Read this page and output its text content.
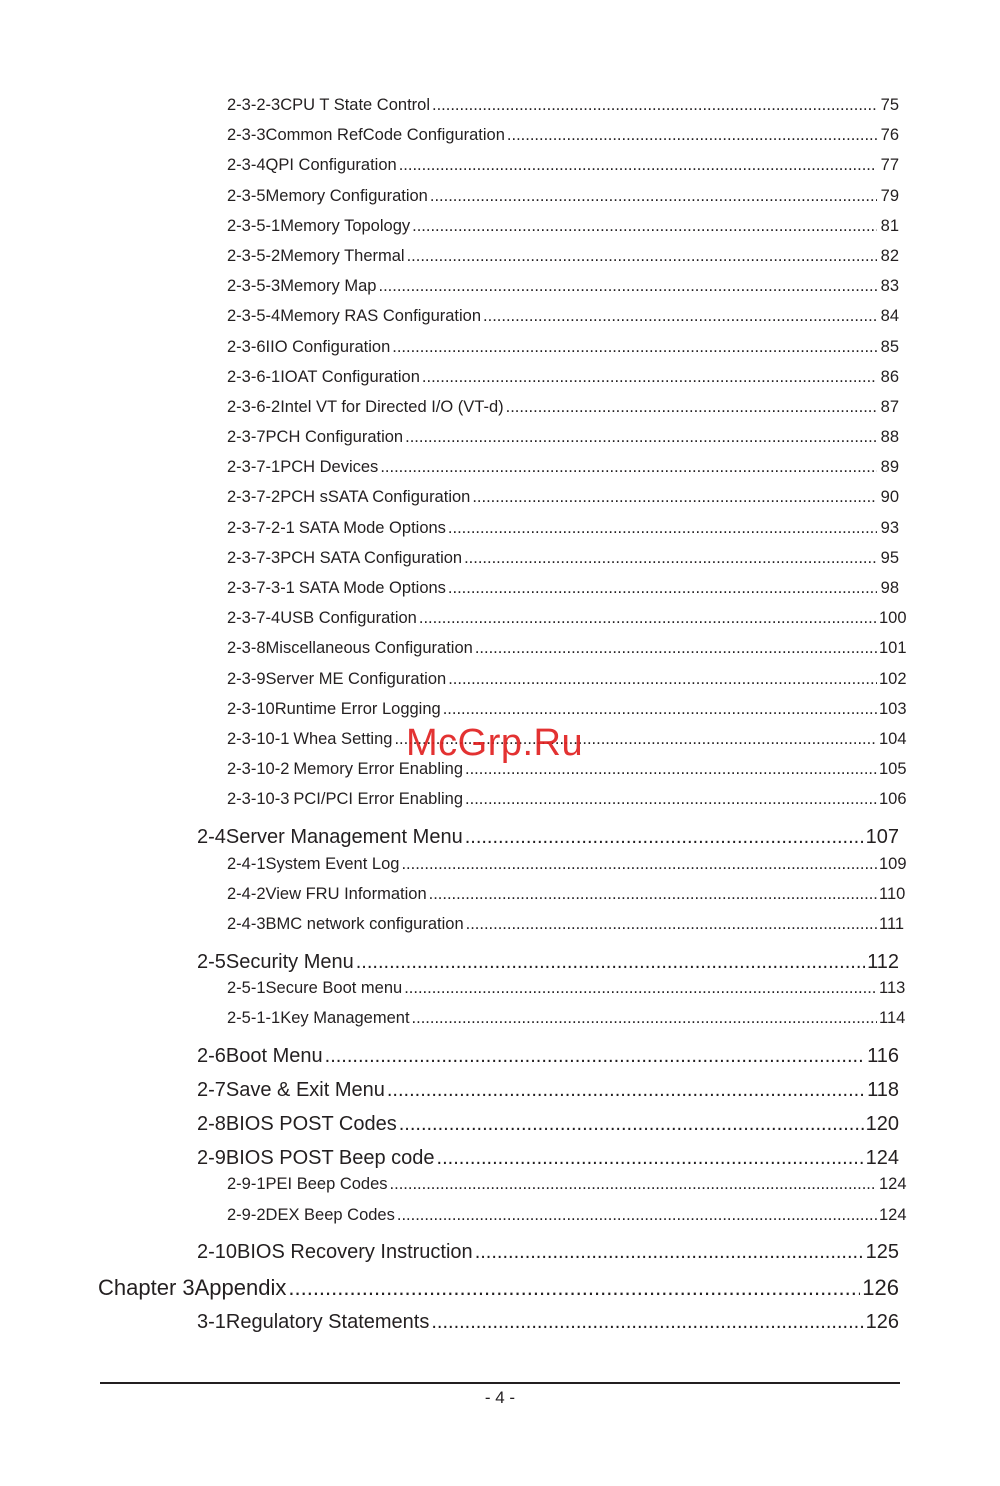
2-3-2-3 CPU T State Control .....	75
2-3-3 Common RefCode Configuration .....	76
2-3-4 QPI Configuration .....	77
2-3-5 Memory Configuration .....	79
2-3-5-1 Memory Topology .....	81
2-3-5-2 Memory Thermal .....	82
2-3-5-3 Memory Map .....	83
2-3-5-4 Memory RAS Configuration .....	84
2-3-6 IIO Configuration .....	85
2-3-6-1 IOAT Configuration .....	86
2-3-6-2 Intel VT for Directed I/O (VT-d) .....	87
2-3-7 PCH Configuration .....	88
2-3-7-1 PCH Devices .....	89
2-3-7-2 PCH sSATA Configuration .....	90
2-3-7-2-1 SATA Mode Options .....	93
2-3-7-3 PCH SATA Configuration .....	95
2-3-7-3-1 SATA Mode Options .....	98
2-3-7-4 USB Configuration .....	100
2-3-8 Miscellaneous Configuration .....	101
2-3-9 Server ME Configuration .....	102
2-3-10 Runtime Error Logging .....	103
2-3-10-1 Whea Setting .....	104
2-3-10-2 Memory Error Enabling .....	105
2-3-10-3 PCI/PCI Error Enabling .....	106
2-4 Server Management Menu .....	107
2-4-1 System Event Log .....	109
2-4-2 View FRU Information .....	110
2-4-3 BMC network configuration .....	111
2-5 Security Menu .....	112
2-5-1 Secure Boot menu .....	113
2-5-1-1 Key Management .....	114
2-6 Boot Menu .....	116
2-7 Save & Exit Menu .....	118
2-8 BIOS POST Codes .....	120
2-9 BIOS POST Beep code .....	124
2-9-1 PEI Beep Codes .....	124
2-9-2 DEX Beep Codes .....	124
2-10 BIOS Recovery Instruction .....	125
Chapter 3 Appendix .....	126
3-1 Regulatory Statements .....	126
McGrp.Ru
- 4 -
